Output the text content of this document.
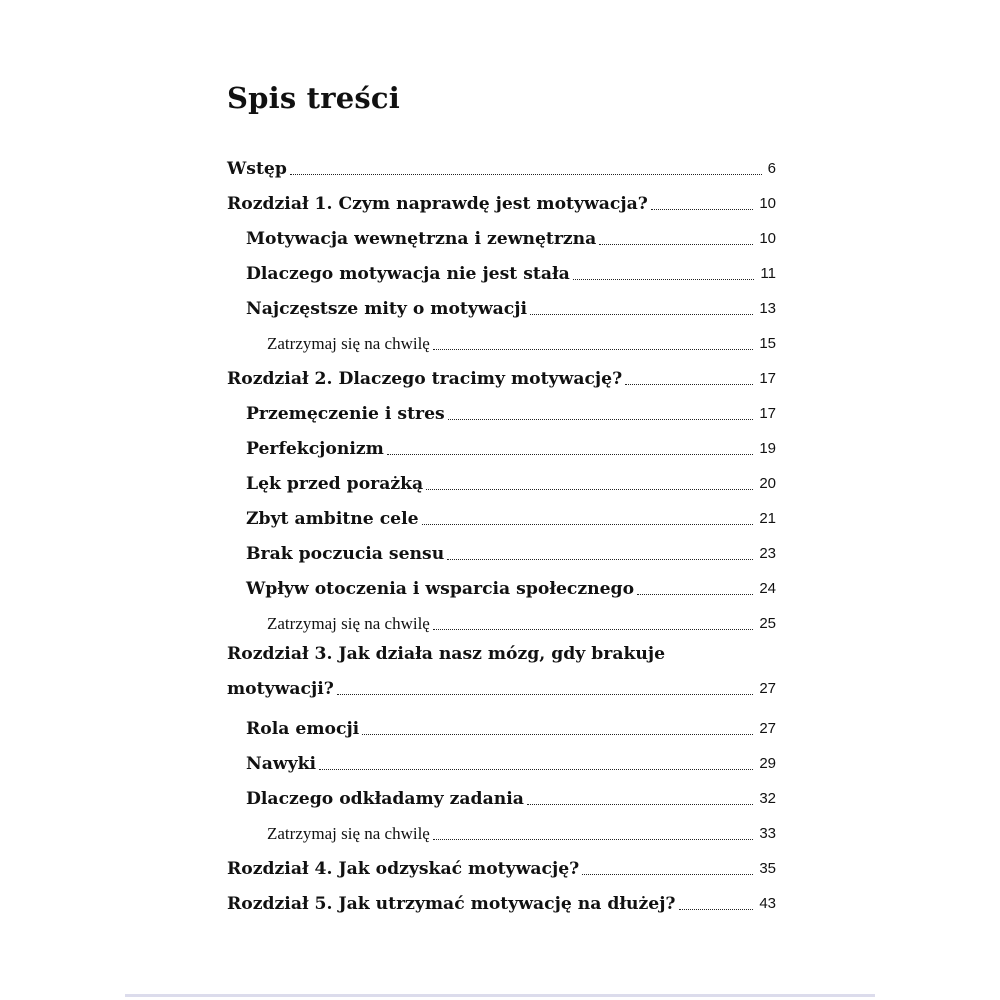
Spis treści
Wstęp	6
Rozdział 1. Czym naprawdę jest motywacja?	10
Motywacja wewnętrzna i zewnętrzna	10
Dlaczego motywacja nie jest stała	11
Najczęstsze mity o motywacji	13
Zatrzymaj się na chwilę	15
Rozdział 2. Dlaczego tracimy motywację?	17
Przemęczenie i stres	17
Perfekcjonizm	19
Lęk przed porażką	20
Zbyt ambitne cele	21
Brak poczucia sensu	23
Wpływ otoczenia i wsparcia społecznego	24
Zatrzymaj się na chwilę	25
Rozdział 3. Jak działa nasz mózg, gdy brakuje
motywacji?	27
Rola emocji	27
Nawyki	29
Dlaczego odkładamy zadania	32
Zatrzymaj się na chwilę	33
Rozdział 4. Jak odzyskać motywację?	35
Rozdział 5. Jak utrzymać motywację na dłużej?	43
